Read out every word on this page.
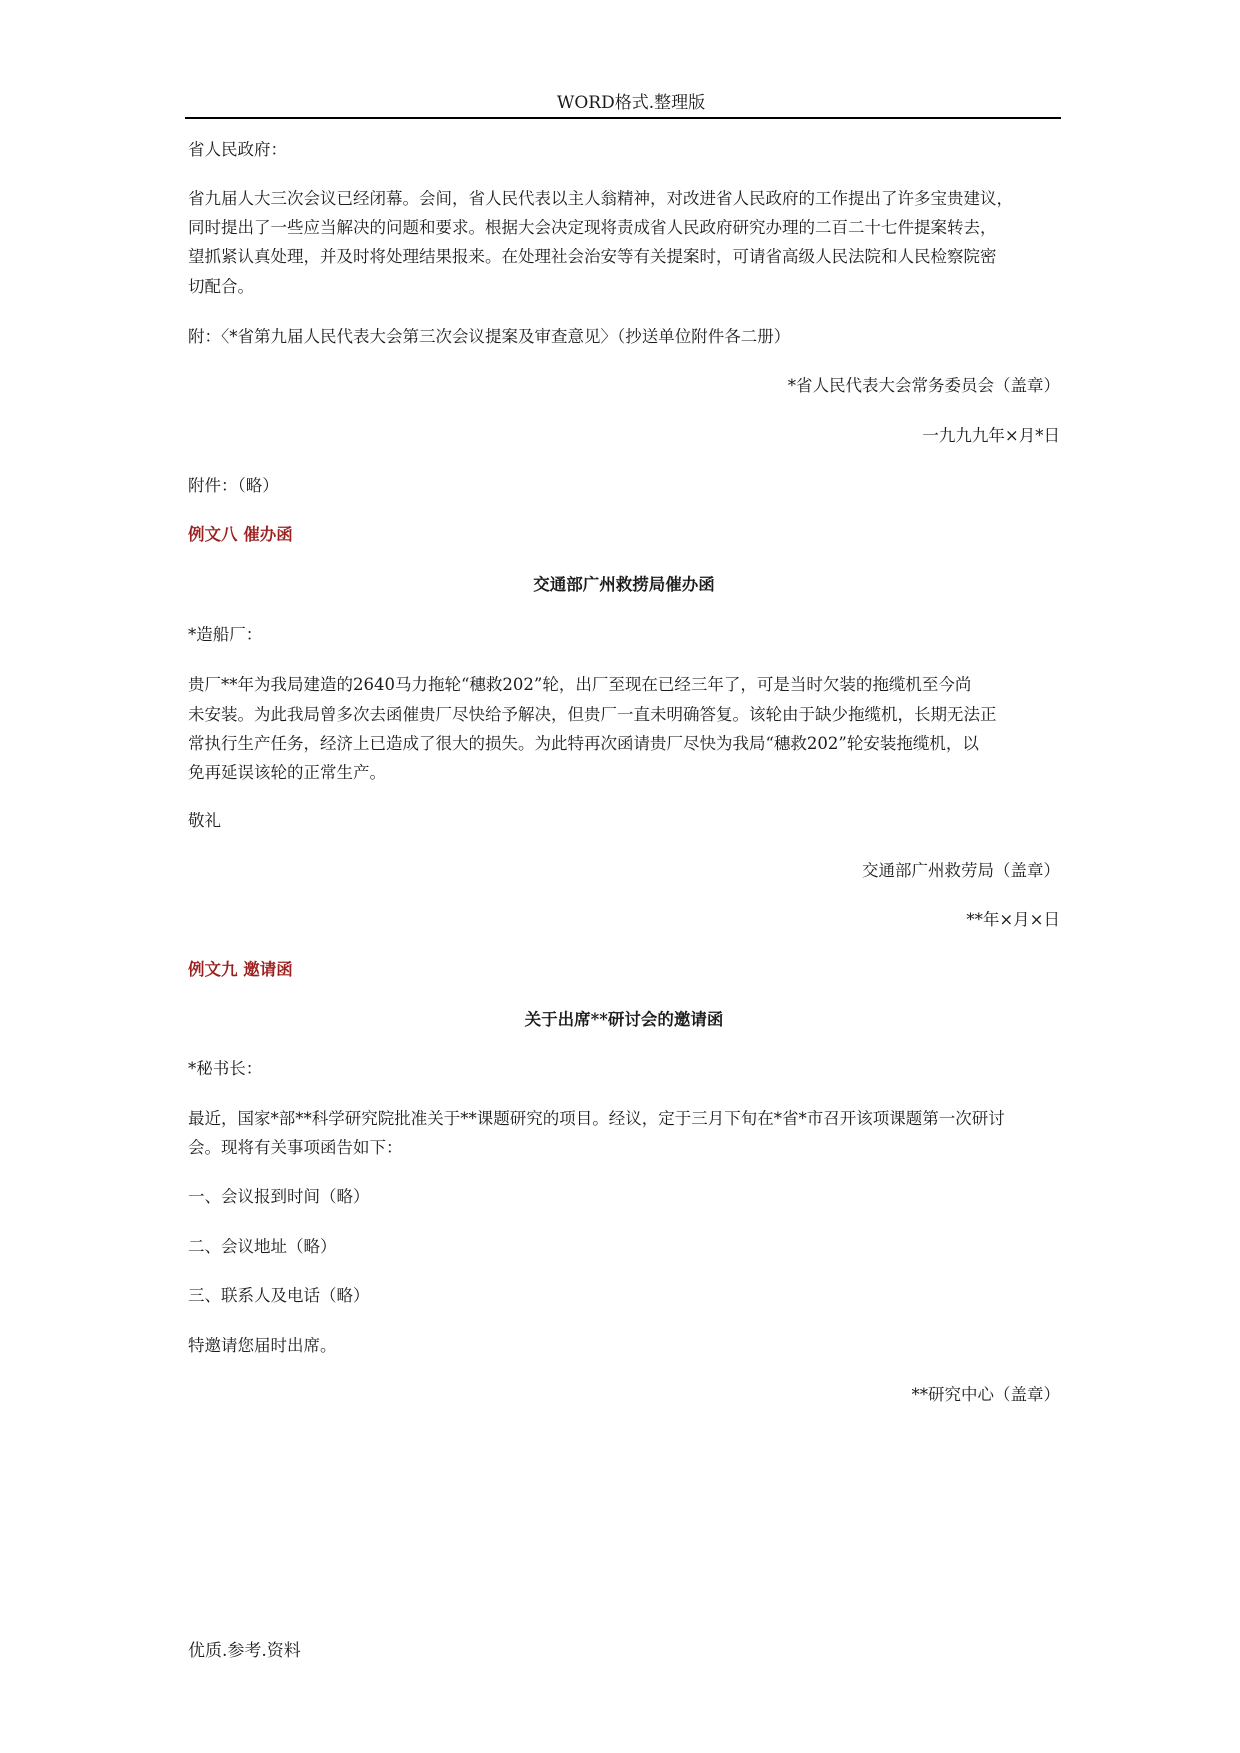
WORD格式.整理版
省人民政府：
省九届人大三次会议已经闭幕。会间，省人民代表以主人翁精神，对改进省人民政府的工作提出了许多宝贵建议，
同时提出了一些应当解决的问题和要求。根据大会决定现将责成省人民政府研究办理的二百二十七件提案转去，
望抓紧认真处理，并及时将处理结果报来。在处理社会治安等有关提案时，可请省高级人民法院和人民检察院密
切配合。
附：〈*省第九届人民代表大会第三次会议提案及审查意见〉（抄送单位附件各二册）
*省人民代表大会常务委员会（盖章）
一九九九年×月*日
附件：（略）
例文八 催办函
交通部广州救捞局催办函
*造船厂：
贵厂**年为我局建造的2640马力拖轮“穗救202”轮，出厂至现在已经三年了，可是当时欠装的拖缆机至今尚
未安装。为此我局曾多次去函催贵厂尽快给予解决，但贵厂一直未明确答复。该轮由于缺少拖缆机，长期无法正
常执行生产任务，经济上已造成了很大的损失。为此特再次函请贵厂尽快为我局“穗救202”轮安装拖缆机，以
免再延误该轮的正常生产。
敬礼
交通部广州救劳局（盖章）
**年×月×日
例文九 邀请函
关于出席**研讨会的邀请函
*秘书长：
最近，国家*部**科学研究院批准关于**课题研究的项目。经议，定于三月下旬在*省*市召开该项课题第一次研讨
会。现将有关事项函告如下：
一、会议报到时间（略）
二、会议地址（略）
三、联系人及电话（略）
特邀请您届时出席。
**研究中心（盖章）
优质.参考.资料
